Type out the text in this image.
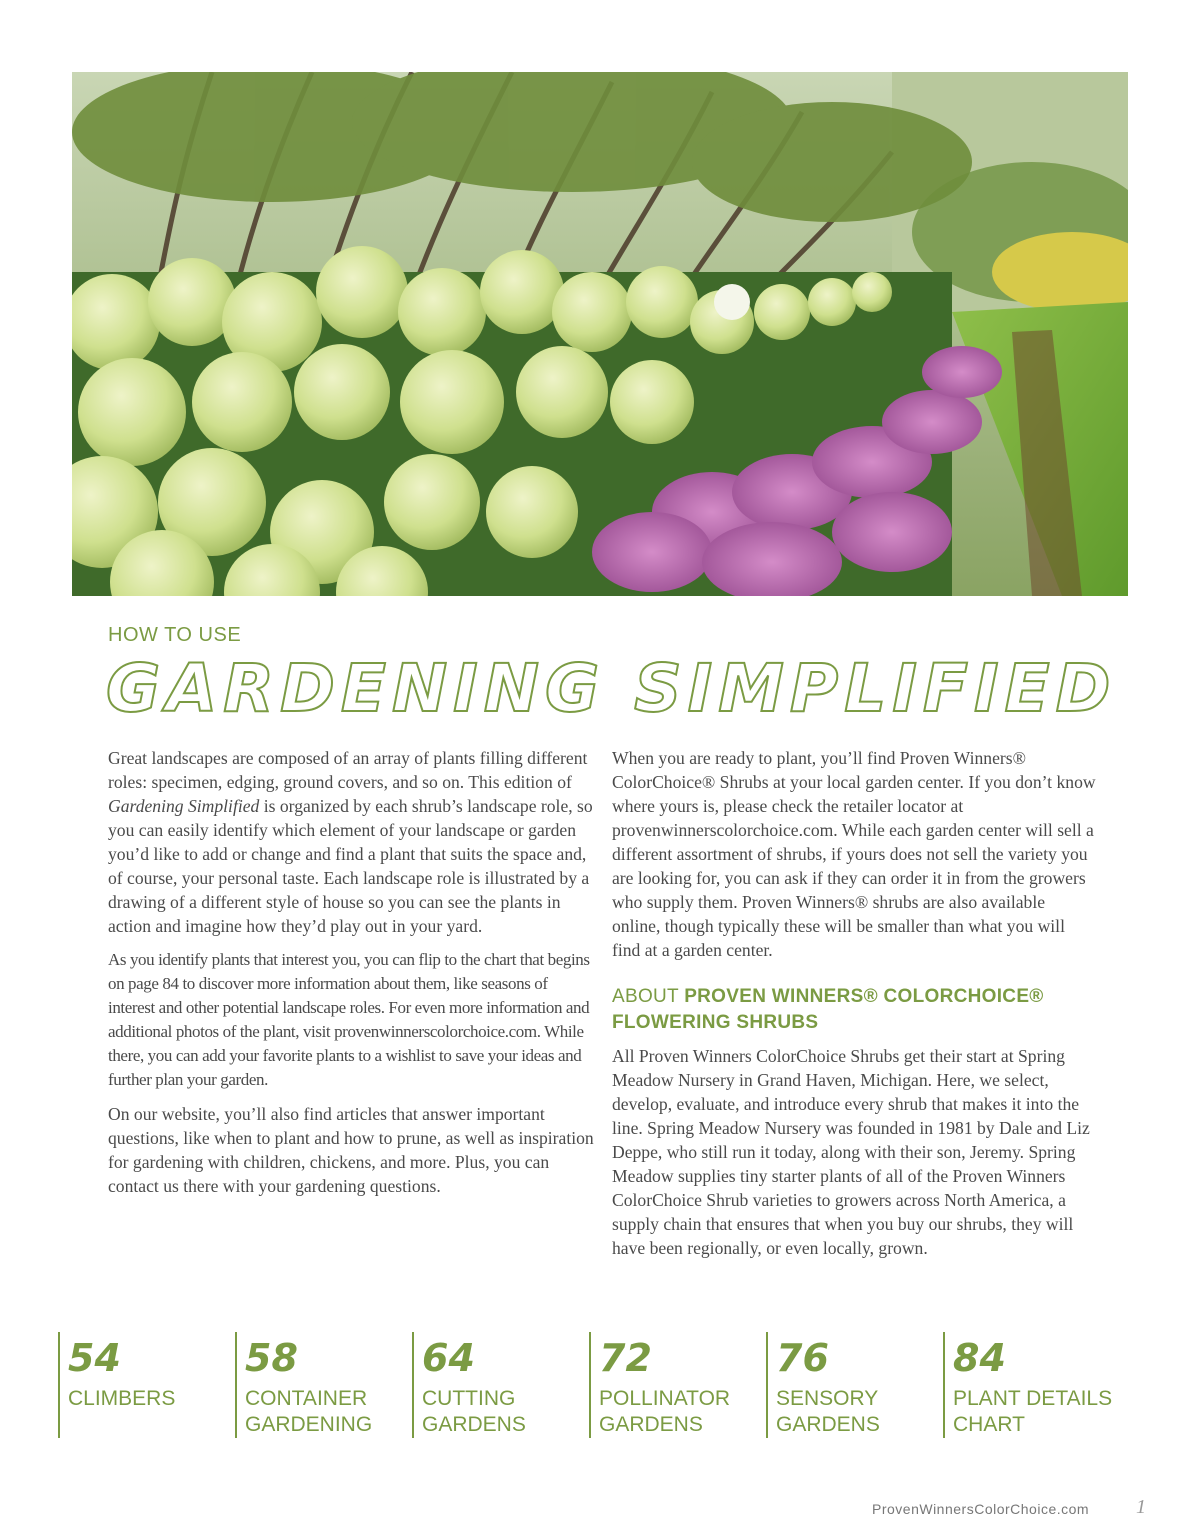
HOW TO USE
GARDENING SIMPLIFIED

Great landscapes are composed of an array of plants filling different roles: specimen, edging, ground covers, and so on. This edition of Gardening Simplified is organized by each shrub’s landscape role, so you can easily identify which element of your landscape or garden you’d like to add or change and find a plant that suits the space and, of course, your personal taste. Each landscape role is illustrated by a drawing of a different style of house so you can see the plants in action and imagine how they’d play out in your yard.

As you identify plants that interest you, you can flip to the chart that begins on page 84 to discover more information about them, like seasons of interest and other potential landscape roles. For even more information and additional photos of the plant, visit provenwinnerscolorchoice.com. While there, you can add your favorite plants to a wishlist to save your ideas and further plan your garden.

On our website, you’ll also find articles that answer important questions, like when to plant and how to prune, as well as inspiration for gardening with children, chickens, and more. Plus, you can contact us there with your gardening questions.

When you are ready to plant, you’ll find Proven Winners® ColorChoice® Shrubs at your local garden center. If you don’t know where yours is, please check the retailer locator at provenwinnerscolorchoice.com. While each garden center will sell a different assortment of shrubs, if yours does not sell the variety you are looking for, you can ask if they can order it in from the growers who supply them. Proven Winners® shrubs are also available online, though typically these will be smaller than what you will find at a garden center.

ABOUT PROVEN WINNERS® COLORCHOICE® FLOWERING SHRUBS

All Proven Winners ColorChoice Shrubs get their start at Spring Meadow Nursery in Grand Haven, Michigan. Here, we select, develop, evaluate, and introduce every shrub that makes it into the line. Spring Meadow Nursery was founded in 1981 by Dale and Liz Deppe, who still run it today, along with their son, Jeremy. Spring Meadow supplies tiny starter plants of all of the Proven Winners ColorChoice Shrub varieties to growers across North America, a supply chain that ensures that when you buy our shrubs, they will have been regionally, or even locally, grown.

54
CLIMBERS
58
CONTAINER
GARDENING
64
CUTTING
GARDENS
72
POLLINATOR
GARDENS
76
SENSORY
GARDENS
84
PLANT DETAILS
CHART
ProvenWinnersColorChoice.com 1
